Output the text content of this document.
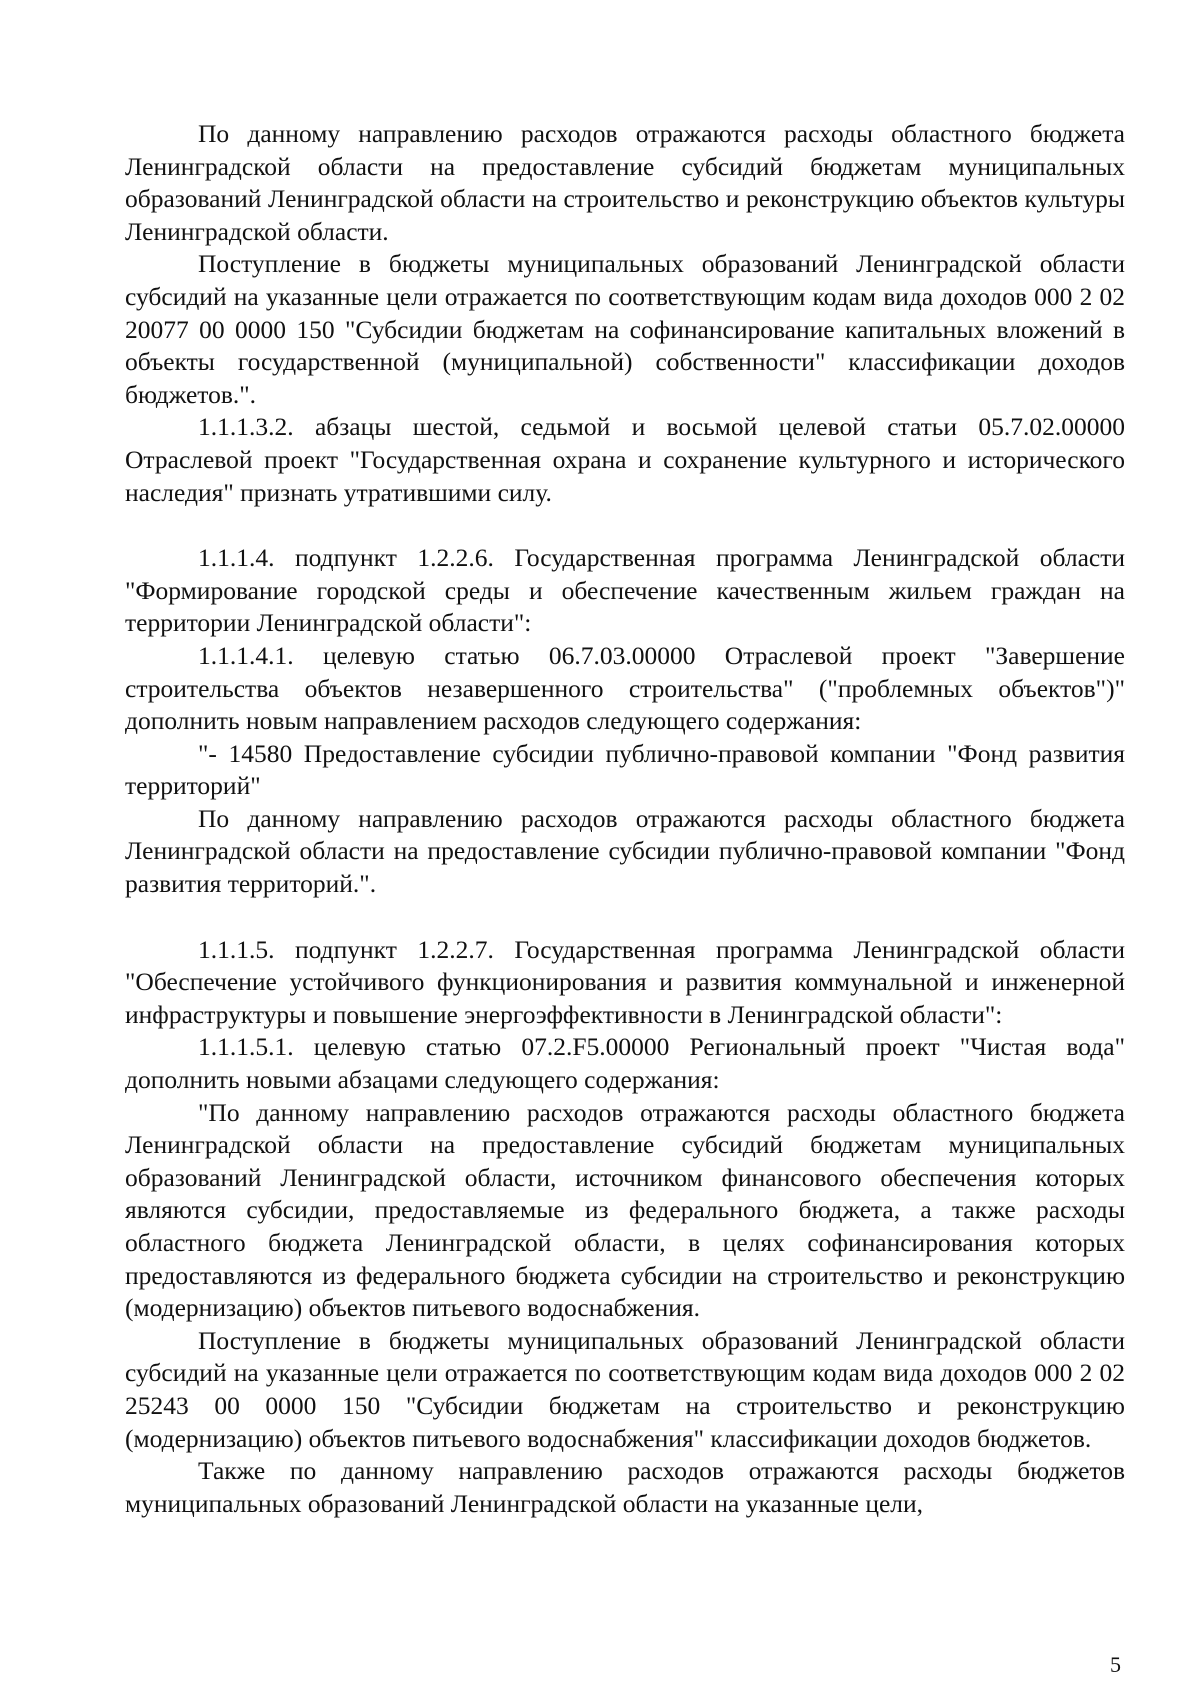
По данному направлению расходов отражаются расходы областного бюджета Ленинградской области на предоставление субсидий бюджетам муниципальных образований Ленинградской области на строительство и реконструкцию объектов культуры Ленинградской области.

Поступление в бюджеты муниципальных образований Ленинградской области субсидий на указанные цели отражается по соответствующим кодам вида доходов 000 2 02 20077 00 0000 150 "Субсидии бюджетам на софинансирование капитальных вложений в объекты государственной (муниципальной) собственности" классификации доходов бюджетов.".

1.1.1.3.2. абзацы шестой, седьмой и восьмой целевой статьи 05.7.02.00000 Отраслевой проект "Государственная охрана и сохранение культурного и исторического наследия" признать утратившими силу.

1.1.1.4. подпункт 1.2.2.6. Государственная программа Ленинградской области "Формирование городской среды и обеспечение качественным жильем граждан на территории Ленинградской области":

1.1.1.4.1. целевую статью 06.7.03.00000 Отраслевой проект "Завершение строительства объектов незавершенного строительства" ("проблемных объектов")" дополнить новым направлением расходов следующего содержания:

"- 14580 Предоставление субсидии публично-правовой компании "Фонд развития территорий"

По данному направлению расходов отражаются расходы областного бюджета Ленинградской области на предоставление субсидии публично-правовой компании "Фонд развития территорий.".

1.1.1.5. подпункт 1.2.2.7. Государственная программа Ленинградской области "Обеспечение устойчивого функционирования и развития коммунальной и инженерной инфраструктуры и повышение энергоэффективности в Ленинградской области":

1.1.1.5.1. целевую статью 07.2.F5.00000 Региональный проект "Чистая вода" дополнить новыми абзацами следующего содержания:

"По данному направлению расходов отражаются расходы областного бюджета Ленинградской области на предоставление субсидий бюджетам муниципальных образований Ленинградской области, источником финансового обеспечения которых являются субсидии, предоставляемые из федерального бюджета, а также расходы областного бюджета Ленинградской области, в целях софинансирования которых предоставляются из федерального бюджета субсидии на строительство и реконструкцию (модернизацию) объектов питьевого водоснабжения.

Поступление в бюджеты муниципальных образований Ленинградской области субсидий на указанные цели отражается по соответствующим кодам вида доходов 000 2 02 25243 00 0000 150 "Субсидии бюджетам на строительство и реконструкцию (модернизацию) объектов питьевого водоснабжения" классификации доходов бюджетов.

Также по данному направлению расходов отражаются расходы бюджетов муниципальных образований Ленинградской области на указанные цели,

5
